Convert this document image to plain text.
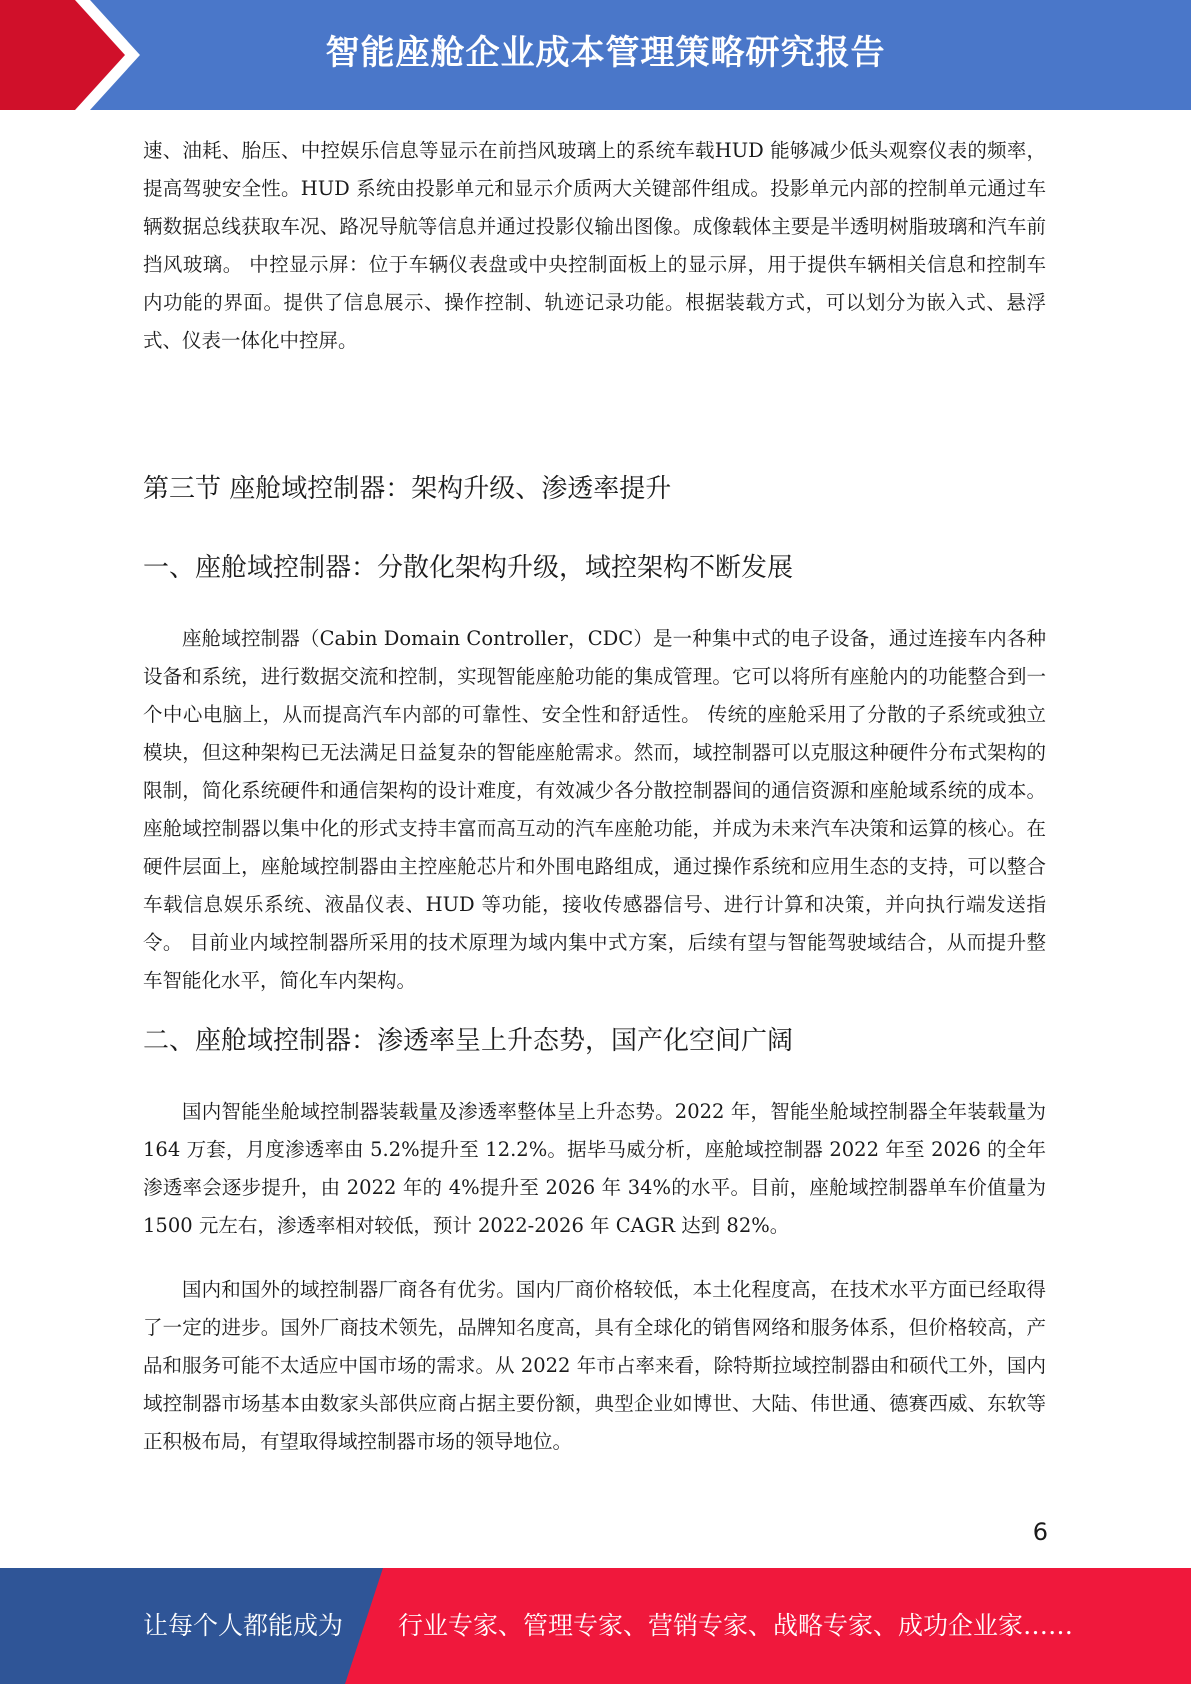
智能座舱企业成本管理策略研究报告

速、油耗、胎压、中控娱乐信息等显示在前挡风玻璃上的系统车载HUD 能够减少低头观察仪表的频率，提高驾驶安全性。HUD 系统由投影单元和显示介质两大关键部件组成。投影单元内部的控制单元通过车辆数据总线获取车况、路况导航等信息并通过投影仪输出图像。成像载体主要是半透明树脂玻璃和汽车前挡风玻璃。 中控显示屏：位于车辆仪表盘或中央控制面板上的显示屏，用于提供车辆相关信息和控制车内功能的界面。提供了信息展示、操作控制、轨迹记录功能。根据装载方式，可以划分为嵌入式、悬浮式、仪表一体化中控屏。

第三节 座舱域控制器：架构升级、渗透率提升
一、座舱域控制器：分散化架构升级，域控架构不断发展

座舱域控制器（Cabin Domain Controller，CDC）是一种集中式的电子设备，通过连接车内各种设备和系统，进行数据交流和控制，实现智能座舱功能的集成管理。它可以将所有座舱内的功能整合到一个中心电脑上，从而提高汽车内部的可靠性、安全性和舒适性。 传统的座舱采用了分散的子系统或独立模块，但这种架构已无法满足日益复杂的智能座舱需求。然而，域控制器可以克服这种硬件分布式架构的限制，简化系统硬件和通信架构的设计难度，有效减少各分散控制器间的通信资源和座舱域系统的成本。座舱域控制器以集中化的形式支持丰富而高互动的汽车座舱功能，并成为未来汽车决策和运算的核心。在硬件层面上，座舱域控制器由主控座舱芯片和外围电路组成，通过操作系统和应用生态的支持，可以整合车载信息娱乐系统、液晶仪表、HUD 等功能，接收传感器信号、进行计算和决策，并向执行端发送指令。 目前业内域控制器所采用的技术原理为域内集中式方案，后续有望与智能驾驶域结合，从而提升整车智能化水平，简化车内架构。

二、座舱域控制器：渗透率呈上升态势，国产化空间广阔

国内智能坐舱域控制器装载量及渗透率整体呈上升态势。2022 年，智能坐舱域控制器全年装载量为 164 万套，月度渗透率由 5.2%提升至 12.2%。据毕马威分析，座舱域控制器 2022 年至 2026 的全年渗透率会逐步提升，由 2022 年的 4%提升至 2026 年 34%的水平。目前，座舱域控制器单车价值量为 1500 元左右，渗透率相对较低，预计 2022-2026 年 CAGR 达到 82%。

国内和国外的域控制器厂商各有优劣。国内厂商价格较低，本土化程度高，在技术水平方面已经取得了一定的进步。国外厂商技术领先，品牌知名度高，具有全球化的销售网络和服务体系，但价格较高，产品和服务可能不太适应中国市场的需求。从 2022 年市占率来看，除特斯拉域控制器由和硕代工外，国内域控制器市场基本由数家头部供应商占据主要份额，典型企业如博世、大陆、伟世通、德赛西威、东软等正积极布局，有望取得域控制器市场的领导地位。

6
让每个人都能成为 行业专家、管理专家、营销专家、战略专家、成功企业家……
